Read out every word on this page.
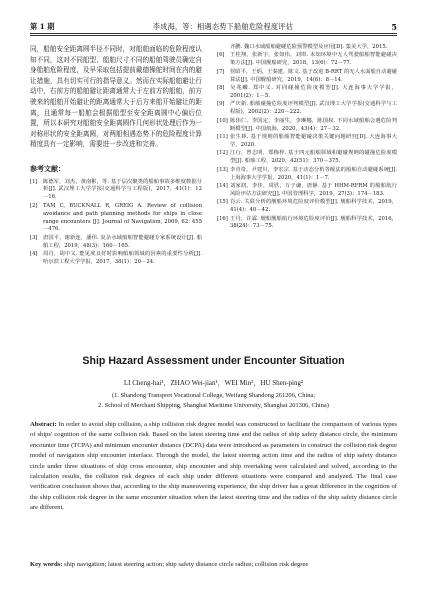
第 1 期	李成海，等：相遇态势下船舶危险程度评估	5

同，船舶安全距离圆半径不同时，对船舶面临的危险程度认知不同，这对不同船型、船舶尺寸不同的船舶驾驶员确定自身船舶危险程度，及早采取包括提前戴德操舵时间在内的避让措施，具有切实可行的指导意义。然而在实际船舶避让行动中，右前方的船舶避让距离通常大于左前方的船舶，前方驶来的船舶开始避让的距离通常大于后方来船开始避让的距离，且通常每一船舶会根据船型至安全距离圆中心偏后位置，所以本研究对船舶安全距离圆作几何形状处理后作为一对称形状的安全距离圆，对两船相遇态势下的危险程度计算精度具有一定影响，需要进一步改进和完善。

参考文献：
[1]	陈德军，刘杰，黄南彬，等. 基于层次聚类的船舶事故多维度数据分析[J]. 武汉理工大学学报(交通科学与工程版)，2017，41(1)：12－16.
[2]	TAM C, BUCKNALL R, GREIG A. Review of collision avoidance and path planning methods for ships in close range encounters [J]. Journal of Navigation, 2009, 62: 455－476.
[3]	唐国平，谢新连，潘伟. 复杂水域船舶智能避碰专家系统设计[J]. 船舶工程，2019，48(3)：160－165.
[4]	周丹，胡中义. 能见度良好时影响船舶领域的因素的重要性分析[J]. 哈尔滨工程大学学报，2017，38(1)：20－24.
齐鹏. 魏口水域船舶避碰危险预警模型及应用[D]. 集美大学，2015.
[6]	王桂翔，张新宇，张如伟，刘琪. 未知环境中无人驾驶船舶智能避碰决策方法[J]. 中国舰船研究，2018，13(6)：72－77.
[7]	侯昭平，王炳，王秦建，陈文. 基于改进 B-RRT 的无人水面船自动避碰算法[J]. 中国舰船研究，2019，14(6)：8－14.
[8]	吴兆麟. 郑中义. 对同碰撞危险度模型[J]. 大连海事大学学报，2001(2)：1－5.
[9]	严庆新. 船舶碰撞危险度评判模型[J]. 武汉理工大学学报(交通科学与工程版)，2002(2)：220－222.
[10] 陈伟仁，李国定，李丽生，李琳娜，陈国权. 不同水域船舶会遇危险判断模型[J]. 中国航海，2020，43(4)：27－32.
[11] 张生林. 基于规则的船舶智能避碰决策关键问题研究[D]. 大连海事大学，2020.
[12] 江行，曾志明，郑梅梓. 基于四元船舶领域和避碰规则的碰撞危险度模型[J]. 船舶工程，2020，42(51)：370－375.
[13] 李肯奇，尹建川，李宏宗. 基于动态分析等级法的船舶自动避碰系统[J]. 上海海事大学学报，2020，41(1)：1－7.
[14] 刘家润，李佳，周欣，万子谦，唐静. 基于 HHM-RFRM 的船舶航行风险评估方法研究[J]. 中国管理科学，2019，27(3)：174－183.
[15] 肖云. 关联分析的舰船环境危险度评价模型[J]. 舰船科学技术，2019，41(4)：40－42.
[16] 王丹，许霖. 舰船舰船航行环境危险度评价[J]. 舰船科学技术，2016，38(24)：73－75.
Ship Hazard Assessment under Encounter Situation
LI Cheng-hai¹，ZHAO Wei-jian¹，WEI Min²，HU Shen-ping²
(1. Shandong Transport Vocational College, Weifang Shandong 261206, China;
2. School of Merchant Shipping, Shanghai Maritime University, Shanghai 201306, China)
Abstract: In order to avoid ship collision, a ship collision risk degree model was constructed to facilitate the comparison of various types of ships' cognition of the same collision risk. Based on the latest steering time and the radius of ship safety distance circle, the minimum encounter time (TCPA) and minimum encounter distance (DCPA) data were introduced as parameters to construct the collision risk degree model of navigation ship encounter interface. Through the model, the latest steering action time and the radius of ship safety distance circle under three situations of ship cross encounter, ship encounter and ship overtaking were calculated and solved, according to the calculation results, the collision risk degrees of each ship under different situations were compared and analyzed. The final case verification conclusion shows that, according to the ship maneuvering experience, the ship driver has a great difference in the cognition of the ship collision risk degree in the same encounter situation when the latest steering time and the radius of the ship safety distance circle are different.
Key words: ship navigation; latest steering action; ship safety distance circle radius; collision risk degree
